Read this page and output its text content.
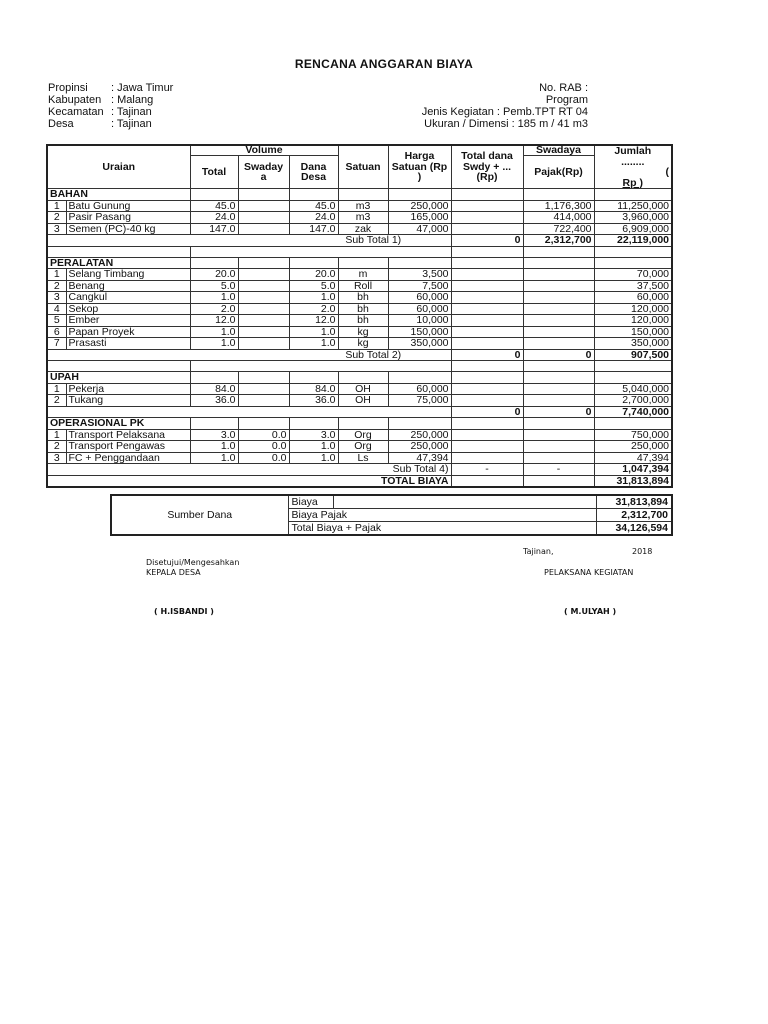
RENCANA ANGGARAN BIAYA
Propinsi	: Jawa Timur
Kabupaten : Malang
Kecamatan : Tajinan
Desa	: Tajinan
No. RAB :
Program
Jenis Kegiatan : Pemb.TPT RT 04
Ukuran / Dimensi : 185 m / 41 m3
Uraian		Volume			Satuan	Harga Satuan (Rp )	Total dana Swdy + ... (Rp)	Swadaya	Jumlah
........
(
Rp )

		Total	Swaday a	Dana Desa				Pajak(Rp)	
BAHAN									
1	Batu Gunung	45.0		45.0	m3	250,000		1,176,300	11,250,000
2	Pasir Pasang	24.0		24.0	m3	165,000		414,000	3,960,000
3	Semen (PC)-40 kg	147.0		147.0	zak	47,000		722,400	6,909,000
Sub Total 1)							0	2,312,700	22,119,000

PERALATAN									
1	Selang Timbang	20.0		20.0	m	3,500			70,000
2	Benang	5.0		5.0	Roll	7,500			37,500
3	Cangkul	1.0		1.0	bh	60,000			60,000
4	Sekop	2.0		2.0	bh	60,000			120,000
5	Ember	12.0		12.0	bh	10,000			120,000
6	Papan Proyek	1.0		1.0	kg	150,000			150,000
7	Prasasti	1.0		1.0	kg	350,000			350,000
Sub Total 2)							0	0	907,500

UPAH									
1	Pekerja	84.0		84.0	OH	60,000			5,040,000
2	Tukang	36.0		36.0	OH	75,000			2,700,000
							0	0	7,740,000
OPERASIONAL PK									
1	Transport Pelaksana	3.0	0.0	3.0	Org	250,000			750,000
2	Transport Pengawas	1.0	0.0	1.0	Org	250,000			250,000
3	FC + Penggandaan	1.0	0.0	1.0	Ls	47,394			47,394
Sub Total 4)							-	-	1,047,394
TOTAL BIAYA									31,813,894
Sumber Dana	Biaya		31,813,894
	Biaya Pajak		2,312,700
	Total Biaya + Pajak		34,126,594
Tajinan,	2018
Disetujui/Mengesahkan
KEPALA DESA	PELAKSANA KEGIATAN
( H.ISBANDI )	( M.ULYAH )
